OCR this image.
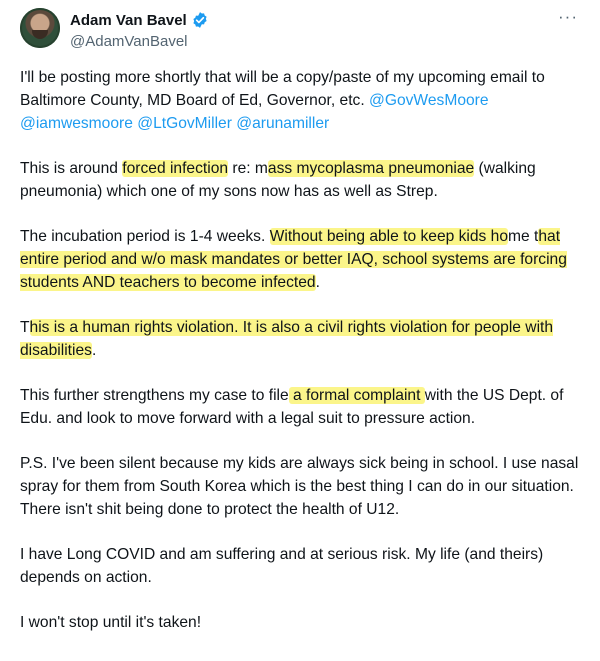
Adam Van Bavel
@AdamVanBavel
···

I'll be posting more shortly that will be a copy/paste of my upcoming email to Baltimore County, MD Board of Ed, Governor, etc. @GovWesMoore @iamwesmoore @LtGovMiller @arunamiller

This is around forced infection re: mass mycoplasma pneumoniae (walking pneumonia) which one of my sons now has as well as Strep.

The incubation period is 1-4 weeks. Without being able to keep kids home that entire period and w/o mask mandates or better IAQ, school systems are forcing students AND teachers to become infected.

This is a human rights violation. It is also a civil rights violation for people with disabilities.

This further strengthens my case to file a formal complaint with the US Dept. of Edu. and look to move forward with a legal suit to pressure action.

P.S. I've been silent because my kids are always sick being in school. I use nasal spray for them from South Korea which is the best thing I can do in our situation. There isn't shit being done to protect the health of U12.

I have Long COVID and am suffering and at serious risk. My life (and theirs) depends on action.

I won't stop until it's taken!
